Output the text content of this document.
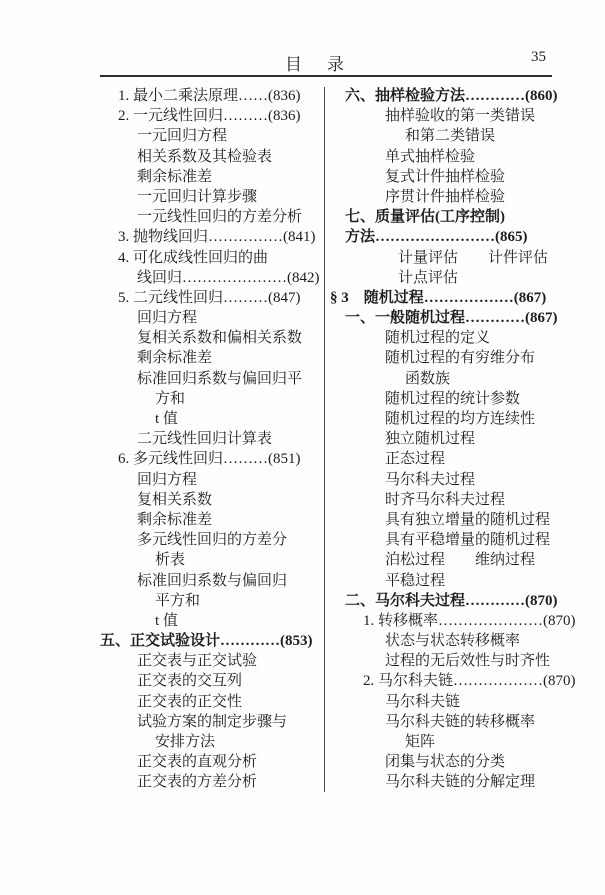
目　录	35
1. 最小二乘法原理……(836)
2. 一元线性回归………(836)
一元回归方程
相关系数及其检验表
剩余标准差
一元回归计算步骤
一元线性回归的方差分析
3. 抛物线回归……………(841)
4. 可化成线性回归的曲
线回归…………………(842)
5. 二元线性回归………(847)
回归方程
复相关系数和偏相关系数
剩余标准差
标准回归系数与偏回归平
方和
t 值
二元线性回归计算表
6. 多元线性回归………(851)
回归方程
复相关系数
剩余标准差
多元线性回归的方差分
析表
标准回归系数与偏回归
平方和
t 值
五、正交试验设计…………(853)
正交表与正交试验
正交表的交互列
正交表的正交性
试验方案的制定步骤与
安排方法
正交表的直观分析
正交表的方差分析
六、抽样检验方法…………(860)
抽样验收的第一类错误
和第二类错误
单式抽样检验
复式计件抽样检验
序贯计件抽样检验
七、质量评估(工序控制)
方法……………………(865)
计量评估　　计件评估
计点评估
§ 3　随机过程………………(867)
一、一般随机过程…………(867)
随机过程的定义
随机过程的有穷维分布
函数族
随机过程的统计参数
随机过程的均方连续性
独立随机过程
正态过程
马尔科夫过程
时齐马尔科夫过程
具有独立增量的随机过程
具有平稳增量的随机过程
泊松过程　　维纳过程
平稳过程
二、马尔科夫过程…………(870)
1. 转移概率…………………(870)
状态与状态转移概率
过程的无后效性与时齐性
2. 马尔科夫链………………(870)
马尔科夫链
马尔科夫链的转移概率
矩阵
闭集与状态的分类
马尔科夫链的分解定理
